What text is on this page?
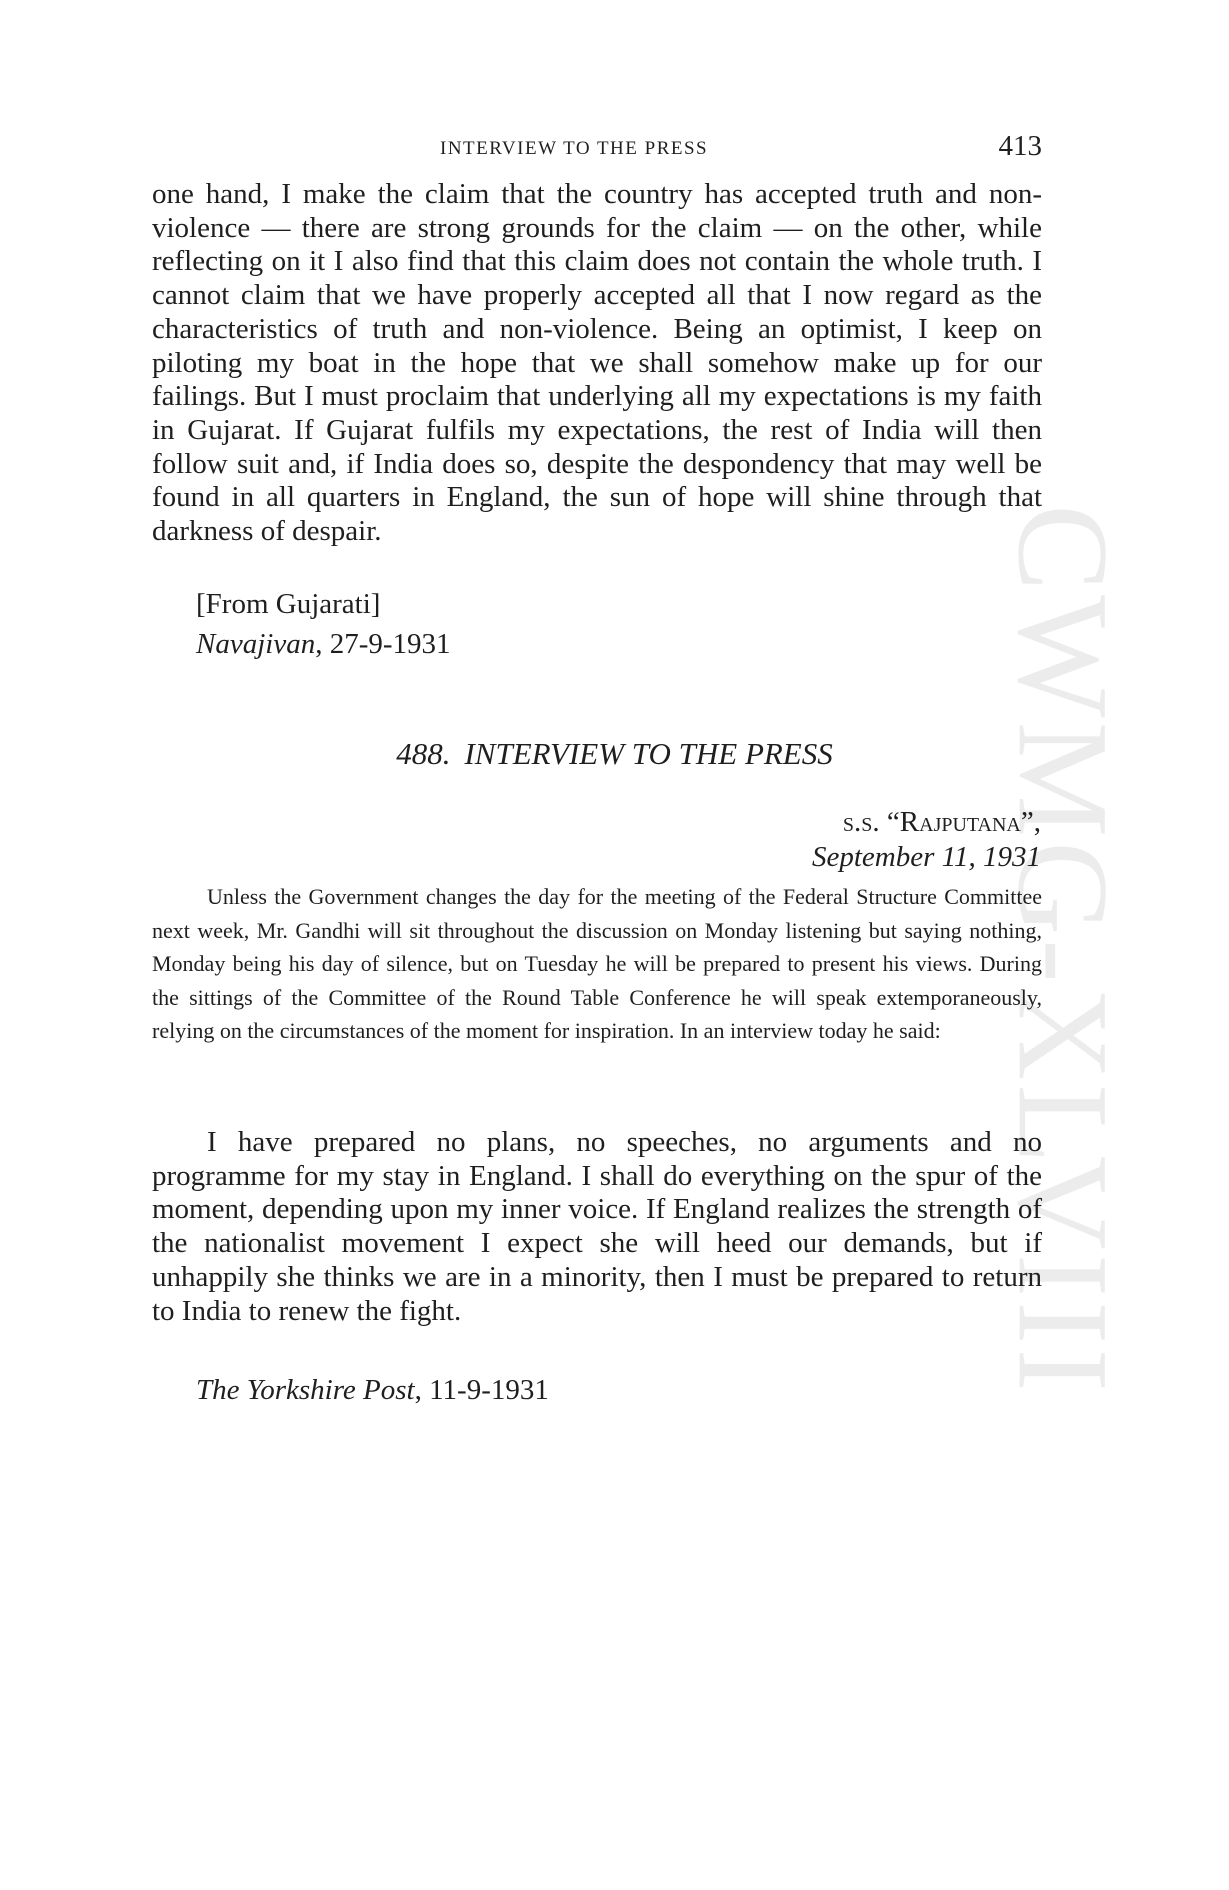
CWMG-XLVIII
INTERVIEW TO THE PRESS	413

one hand, I make the claim that the country has accepted truth and non-violence — there are strong grounds for the claim — on the other, while reflecting on it I also find that this claim does not contain the whole truth. I cannot claim that we have properly accepted all that I now regard as the characteristics of truth and non-violence. Being an optimist, I keep on piloting my boat in the hope that we shall somehow make up for our failings. But I must proclaim that underlying all my expectations is my faith in Gujarat. If Gujarat fulfils my expectations, the rest of India will then follow suit and, if India does so, despite the despondency that may well be found in all quarters in England, the sun of hope will shine through that darkness of despair.

[From Gujarati]
Navajivan, 27-9-1931
488. INTERVIEW TO THE PRESS
s.s. “Rajputana”,
September 11, 1931

Unless the Government changes the day for the meeting of the Federal Structure Committee next week, Mr. Gandhi will sit throughout the discussion on Monday listening but saying nothing, Monday being his day of silence, but on Tuesday he will be prepared to present his views. During the sittings of the Committee of the Round Table Conference he will speak extemporaneously, relying on the circumstances of the moment for inspiration. In an interview today he said:

I have prepared no plans, no speeches, no arguments and no programme for my stay in England. I shall do everything on the spur of the moment, depending upon my inner voice. If England realizes the strength of the nationalist movement I expect she will heed our demands, but if unhappily she thinks we are in a minority, then I must be prepared to return to India to renew the fight.

The Yorkshire Post, 11-9-1931
